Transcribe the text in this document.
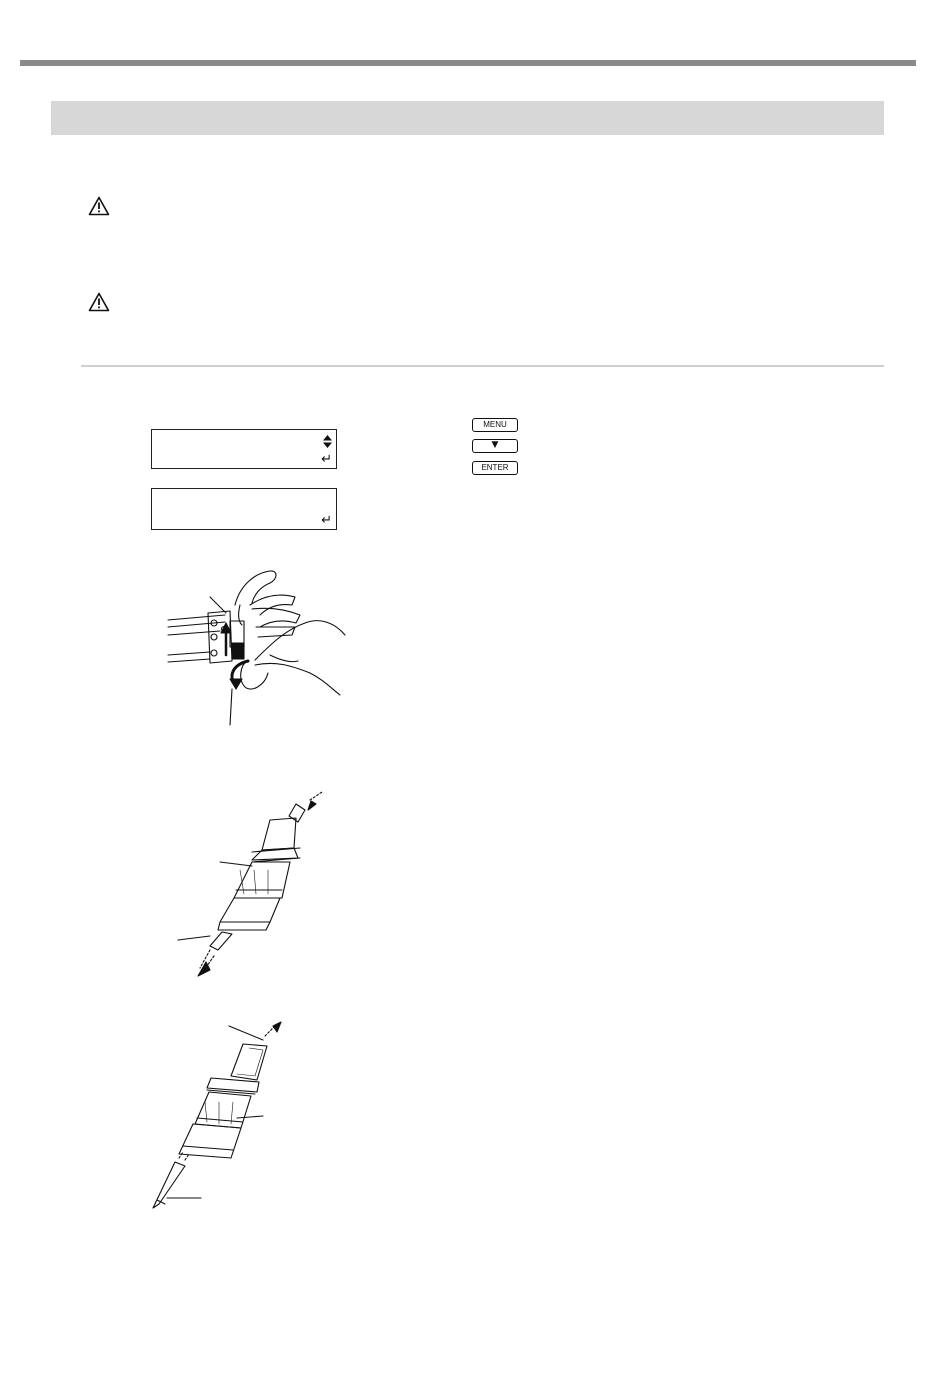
↵
↵
MENU
▼
ENTER
